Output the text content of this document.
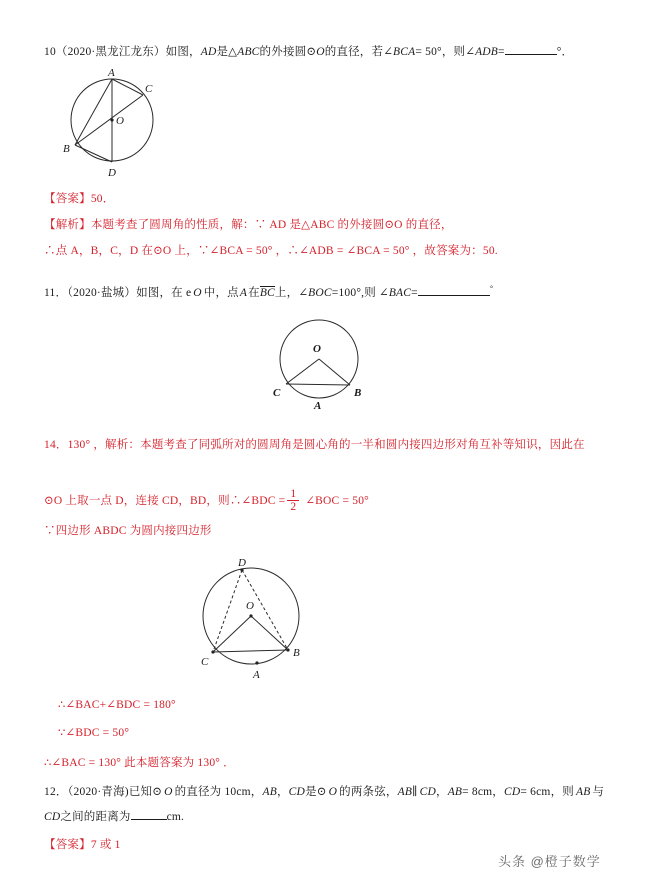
10（2020·黑龙江龙东）如图，AD是△ABC的外接圆⊙O的直径，若∠BCA= 50°，则∠ADB=	°．
A
C
B
D
O
【答案】50．
【解析】本题考查了圆周角的性质，解：∵ AD 是△ABC 的外接圆⊙O 的直径，
∴点 A，B，C，D 在⊙O 上，∵∠BCA = 50° ，∴∠ADB = ∠BCA = 50° ，故答案为：50.
11．（2020·盐城）如图，在 e O 中，点A在BC上，∠BOC=100°,则 ∠BAC=	°
O
C	B
A
14．130° ，解析：本题考查了同弧所对的圆周角是圆心角的一半和圆内接四边形对角互补等知识，因此在
⊙O 上取一点 D，连接 CD，BD，则∴∠BDC = $\frac{1}{2}$ ∠BOC = 50°
∵四边形 ABDC 为圆内接四边形
D
O
C
B
A
∴∠BAC+∠BDC = 180°
∵∠BDC = 50°
∴∠BAC = 130° 此本题答案为 130° ．
12．（2020·青海)已知⊙ O 的直径为 10cm，AB，CD是⊙ O 的两条弦，AB∥ CD，AB= 8cm，CD= 6cm，则 AB 与
CD之间的距离为	cm.
【答案】7 或 1
头条 @橙子数学
